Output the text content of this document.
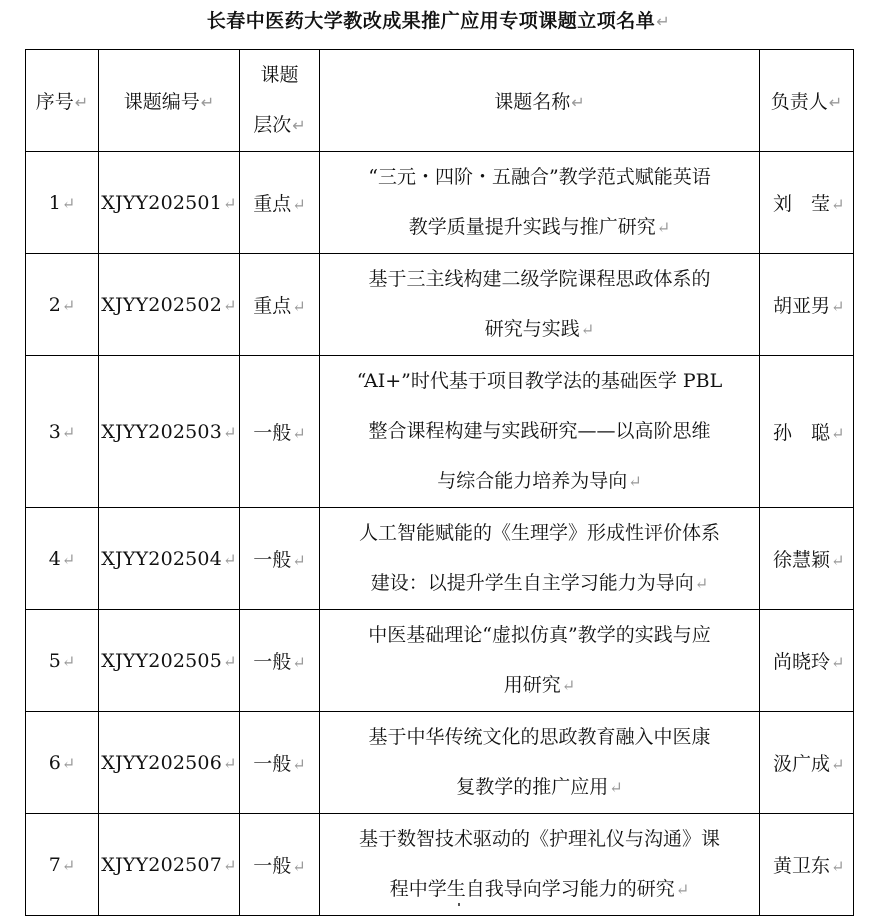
长春中医药大学教改成果推广应用专项课题立项名单↵
序号↵	课题编号↵	课题
层次↵	课题名称↵	负责人↵
1↵	XJYY202501↵	重点↵	“三元・四阶・五融合”教学范式赋能英语
教学质量提升实践与推广研究↵	刘　莹↵
2↵	XJYY202502↵	重点↵	基于三主线构建二级学院课程思政体系的
研究与实践↵	胡亚男↵
3↵	XJYY202503↵	一般↵	“AI+”时代基于项目教学法的基础医学 PBL
整合课程构建与实践研究——以高阶思维
与综合能力培养为导向↵	孙　聪↵
4↵	XJYY202504↵	一般↵	人工智能赋能的《生理学》形成性评价体系
建设：以提升学生自主学习能力为导向↵	徐慧颖↵
5↵	XJYY202505↵	一般↵	中医基础理论“虚拟仿真”教学的实践与应
用研究↵	尚晓玲↵
6↵	XJYY202506↵	一般↵	基于中华传统文化的思政教育融入中医康
复教学的推广应用↵	汲广成↵
7↵	XJYY202507↵	一般↵	基于数智技术驱动的《护理礼仪与沟通》课
程中学生自我导向学习能力的研究↵	黄卫东↵
